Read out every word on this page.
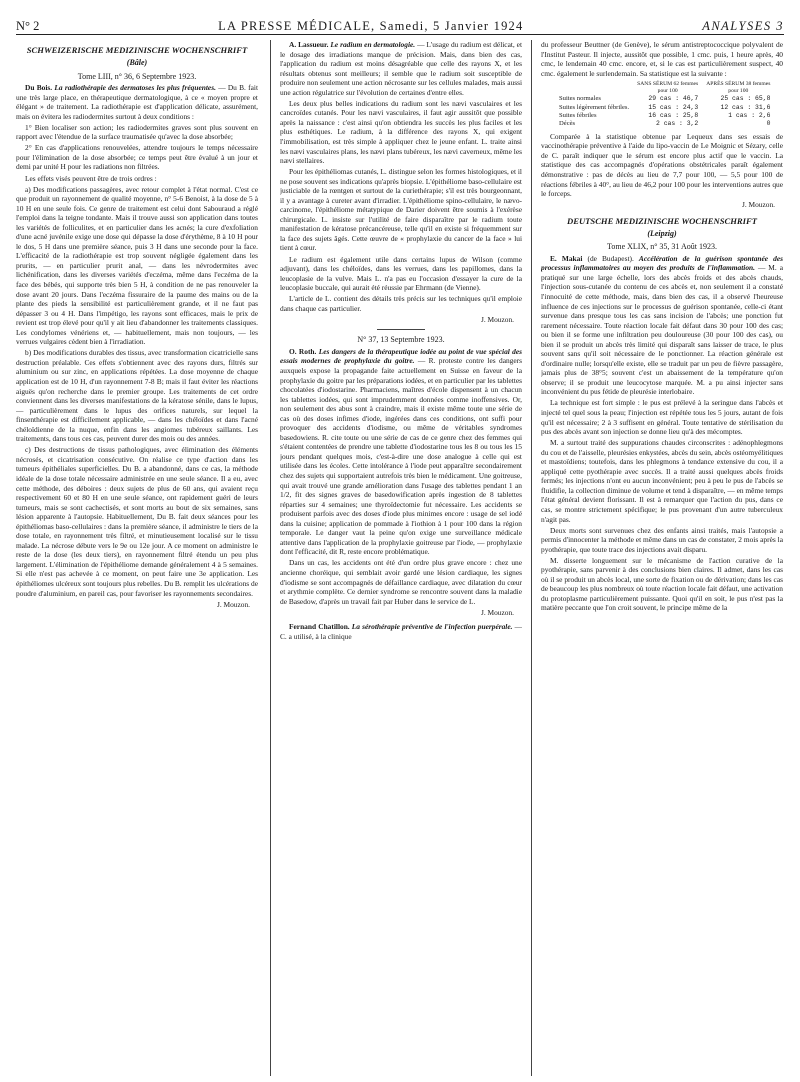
N° 2	LA PRESSE MÉDICALE, Samedi, 5 Janvier 1924	ANALYSES 3
SCHWEIZERISCHE MEDIZINISCHE WOCHENSCHRIFT
(Bâle)
Tome LIII, n° 36, 6 Septembre 1923.

Du Bois. La radiothérapie des dermatoses les plus fréquentes. — Du B. fait une très large place, en thérapeutique dermatologique, à ce « moyen propre et élégant » de traitement. La radiothérapie est d'application délicate, assurément, mais on évitera les radiodermites surtout à deux conditions :

1° Bien localiser son action; les radiodermites graves sont plus souvent en rapport avec l'étendue de la surface traumatisée qu'avec la dose absorbée;

2° En cas d'applications renouvelées, attendre toujours le temps nécessaire pour l'élimination de la dose absorbée; ce temps peut être évalué à un jour et demi par unité H pour les radiations non filtrées.

Les effets visés peuvent être de trois ordres :

a) Des modifications passagères, avec retour complet à l'état normal. C'est ce que produit un rayonnement de qualité moyenne, n° 5-6 Benoist, à la dose de 5 à 10 H en une seule fois. Ce genre de traitement est celui dont Sabouraud a réglé l'emploi dans la teigne tondante. Mais il trouve aussi son application dans toutes les variétés de folliculites, et en particulier dans les acnés; la cure d'exfoliation d'une acné juvénile exige une dose qui dépasse la dose d'érythème, 8 à 10 H pour le dos, 5 H dans une première séance, puis 3 H dans une seconde pour la face. L'efficacité de la radiothérapie est trop souvent négligée également dans les prurits, — en particulier prurit anal, — dans les névrodermites avec lichénification, dans les diverses variétés d'eczéma, même dans l'eczéma de la face des bébés, qui supporte très bien 5 H, à condition de ne pas renouveler la dose avant 20 jours. Dans l'eczéma fissuraire de la paume des mains ou de la plante des pieds la sensibilité est particulièrement grande, et il ne faut pas dépasser 3 ou 4 H. Dans l'impétigo, les rayons sont efficaces, mais le prix de revient est trop élevé pour qu'il y ait lieu d'abandonner les traitements classiques. Les condylomes vénériens et, — habituellement, mais non toujours, — les verrues vulgaires cèdent bien à l'irradiation.

b) Des modifications durables des tissus, avec transformation cicatricielle sans destruction préalable. Ces effets s'obtiennent avec des rayons durs, filtrés sur aluminium ou sur zinc, en applications répétées. La dose moyenne de chaque application est de 10 H, d'un rayonnement 7-8 B; mais il faut éviter les réactions aiguës qu'on recherche dans le premier groupe. Les traitements de cet ordre conviennent dans les diverses manifestations de la kératose sénile, dans le lupus, — particulièrement dans le lupus des orifices naturels, sur lequel la finsenthérapie est difficilement applicable, — dans les chéloïdes et dans l'acné chéloïdienne de la nuque, enfin dans les angiomes tubéreux saillants. Les traitements, dans tous ces cas, peuvent durer des mois ou des années.

c) Des destructions de tissus pathologiques, avec élimination des éléments nécrosés, et cicatrisation consécutive. On réalise ce type d'action dans les tumeurs épithéliales superficielles. Du B. a abandonné, dans ce cas, la méthode idéale de la dose totale nécessaire administrée en une seule séance. Il a eu, avec cette méthode, des déboires : deux sujets de plus de 60 ans, qui avaient reçu respectivement 60 et 80 H en une seule séance, ont rapidement guéri de leurs tumeurs, mais se sont cachectisés, et sont morts au bout de six semaines, sans lésion apparente à l'autopsie. Habituellement, Du B. fait deux séances pour les épithéliomas baso-cellulaires : dans la première séance, il administre le tiers de la dose totale, en rayonnement très filtré, et minutieusement localisé sur le tissu malade. La nécrose débute vers le 9e ou 12e jour. A ce moment on administre le reste de la dose (les deux tiers), en rayonnement filtré étendu un peu plus largement. L'élimination de l'épithéliome demande généralement 4 à 5 semaines. Si elle n'est pas achevée à ce moment, on peut faire une 3e application. Les épithéliomes ulcéreux sont toujours plus rebelles. Du B. remplit les ulcérations de poudre d'aluminium, en pareil cas, pour favoriser les rayonnements secondaires.

J. Mouzon.

A. Lassueur. Le radium en dermatologie. — L'usage du radium est délicat, et le dosage des irradiations manque de précision. Mais, dans bien des cas, l'application du radium est moins désagréable que celle des rayons X, et les résultats obtenus sont meilleurs; il semble que le radium soit susceptible de produire non seulement une action nécrosante sur les cellules malades, mais aussi une action régulatrice sur l'évolution de certaines d'entre elles.

Les deux plus belles indications du radium sont les nævi vasculaires et les cancroïdes cutanés. Pour les nævi vasculaires, il faut agir aussitôt que possible après la naissance : c'est ainsi qu'on obtiendra les succès les plus faciles et les plus esthétiques. Le radium, à la différence des rayons X, qui exigent l'immobilisation, est très simple à appliquer chez le jeune enfant. L. traite ainsi les nævi vasculaires plans, les nævi plans tubéreux, les nævi caverneux, même les nævi stellaires.

Pour les épithéliomas cutanés, L. distingue selon les formes histologiques, et il ne pose souvent ses indications qu'après biopsie. L'épithéliome baso-cellulaire est justiciable de la rœntgen et surtout de la curiethérapie; s'il est très bourgeonnant, il y a avantage à cureter avant d'irradier. L'épithéliome spino-cellulaire, le nævo-carcinome, l'épithéliome métatypique de Darier doivent être soumis à l'exérèse chirurgicale. L. insiste sur l'utilité de faire disparaître par le radium toute manifestation de kératose précancéreuse, telle qu'il en existe si fréquemment sur la face des sujets âgés. Cette œuvre de « prophylaxie du cancer de la face » lui tient à cœur.

Le radium est également utile dans certains lupus de Wilson (comme adjuvant), dans les chéloïdes, dans les verrues, dans les papillomes, dans la leucoplasie de la vulve. Mais L. n'a pas eu l'occasion d'essayer la cure de la leucoplasie buccale, qui aurait été réussie par Ehrmann (de Vienne).

L'article de L. contient des détails très précis sur les techniques qu'il emploie dans chaque cas particulier.

J. Mouzon.
N° 37, 13 Septembre 1923.

O. Roth. Les dangers de la thérapeutique iodée au point de vue spécial des essais modernes de prophylaxie du goitre. — R. proteste contre les dangers auxquels expose la propagande faite actuellement en Suisse en faveur de la prophylaxie du goitre par les préparations iodées, et en particulier par les tablettes chocolatées d'iodostarine. Pharmaciens, maîtres d'école dispensent à un chacun les tablettes iodées, qui sont imprudemment données comme inoffensives. Or, non seulement des abus sont à craindre, mais il existe même toute une série de cas où des doses infimes d'iode, ingérées dans ces conditions, ont suffi pour provoquer des accidents d'iodisme, ou même de véritables syndromes basedowiens. R. cite toute ou une série de cas de ce genre chez des femmes qui s'étaient contentées de prendre une tablette d'iodostarine tous les 8 ou tous les 15 jours pendant quelques mois, c'est-à-dire une dose analogue à celle qui est utilisée dans les écoles. Cette intolérance à l'iode peut apparaître secondairement chez des sujets qui supportaient autrefois très bien le médicament. Une goitreuse, qui avait trouvé une grande amélioration dans l'usage des tablettes pendant 1 an 1/2, fit des signes graves de basedowification après ingestion de 8 tablettes réparties sur 4 semaines; une thyroïdectomie fut nécessaire. Les accidents se produisent parfois avec des doses d'iode plus minimes encore : usage de sel iodé dans la cuisine; application de pommade à l'iothion à 1 pour 100 dans la région temporale. Le danger vaut la peine qu'on exige une surveillance médicale attentive dans l'application de la prophylaxie goitreuse par l'iode, — prophylaxie dont l'efficacité, dit R, reste encore problématique.

Dans un cas, les accidents ont été d'un ordre plus grave encore : chez une ancienne choréique, qui semblait avoir gardé une lésion cardiaque, les signes d'iodisme se sont accompagnés de défaillance cardiaque, avec dilatation du cœur et arythmie complète. Ce dernier syndrome se rencontre souvent dans la maladie de Basedow, d'après un travail fait par Huber dans le service de L.

J. Mouzon.

Fernand Chatillon. La sérothérapie préventive de l'infection puerpérale. — C. a utilisé, à la clinique

du professeur Beuttner (de Genève), le sérum antistreptococcique polyvalent de l'Institut Pasteur. Il injecte, aussitôt que possible, 1 cmc. puis, 1 heure après, 40 cmc, le lendemain 40 cmc. encore, et, si le cas est particulièrement suspect, 40 cmc. également le surlendemain. Sa statistique est la suivante :

	SANS SÉRUM 62 femmes	APRÈS SÉRUM 38 femmes
	pour 100	pour 100
Suites normales	29 cas : 46,7	25 cas : 65,8
Suites légèrement fébriles.	15 cas : 24,3	12 cas : 31,6
Suites fébriles	16 cas : 25,8	1 cas : 2,6
Décès	2 cas : 3,2	0

Comparée à la statistique obtenue par Lequeux dans ses essais de vaccinothérapie préventive à l'aide du lipo-vaccin de Le Moignic et Sézary, celle de C. paraît indiquer que le sérum est encore plus actif que le vaccin. La statistique des cas accompagnés d'opérations obstétricales paraît également démonstrative : pas de décès au lieu de 7,7 pour 100, — 5,5 pour 100 de réactions fébriles à 40°, au lieu de 46,2 pour 100 pour les interventions autres que le forceps.

J. Mouzon.
DEUTSCHE MEDIZINISCHE WOCHENSCHRIFT
(Leipzig)
Tome XLIX, n° 35, 31 Août 1923.

E. Makai (de Budapest). Accélération de la guérison spontanée des processus inflammatoires au moyen des produits de l'inflammation. — M. a pratiqué sur une large échelle, lors des abcès froids et des abcès chauds, l'injection sous-cutanée du contenu de ces abcès et, non seulement il a constaté l'innocuité de cette méthode, mais, dans bien des cas, il a observé l'heureuse influence de ces injections sur le processus de guérison spontanée, celle-ci étant survenue dans presque tous les cas sans incision de l'abcès; une ponction fut rarement nécessaire. Toute réaction locale fait défaut dans 30 pour 100 des cas; ou bien il se forme une infiltration peu douloureuse (30 pour 100 des cas), ou bien il se produit un abcès très limité qui disparaît sans laisser de trace, le plus souvent sans qu'il soit nécessaire de le ponctionner. La réaction générale est d'ordinaire nulle; lorsqu'elle existe, elle se traduit par un peu de fièvre passagère, jamais plus de 38°5; souvent c'est un abaissement de la température qu'on observe; il se produit une leucocytose marquée. M. a pu ainsi injecter sans inconvénient du pus fétide de pleurésie interlobaire.

La technique est fort simple : le pus est prélevé à la seringue dans l'abcès et injecté tel quel sous la peau; l'injection est répétée tous les 5 jours, autant de fois qu'il est nécessaire; 2 à 3 suffisent en général. Toute tentative de stérilisation du pus des abcès avant son injection se donne lieu qu'à des mécomptes.

M. a surtout traité des suppurations chaudes circonscrites : adénophlegmons du cou et de l'aisselle, pleurésies enkystées, abcès du sein, abcès ostéomyélitiques et mastoïdiens; toutefois, dans les phlegmons à tendance extensive du cou, il a appliqué cette pyothérapie avec succès. Il a traité aussi quelques abcès froids fermés; les injections n'ont eu aucun inconvénient; peu à peu le pus de l'abcès se fluidifie, la collection diminue de volume et tend à disparaître, — en même temps l'état général devient florissant. Il est à remarquer que l'action du pus, dans ce cas, se montre strictement spécifique; le pus provenant d'un autre tuberculeux n'agit pas.

Deux morts sont survenues chez des enfants ainsi traités, mais l'autopsie a permis d'innocenter la méthode et même dans un cas de constater, 2 mois après la pyothérapie, que toute trace des injections avait disparu.

M. disserte longuement sur le mécanisme de l'action curative de la pyothérapie, sans parvenir à des conclusions bien claires. Il admet, dans les cas où il se produit un abcès local, une sorte de fixation ou de dérivation; dans les cas de beaucoup les plus nombreux où toute réaction locale fait défaut, une activation du protoplasme particulièrement puissante. Quoi qu'il en soit, le pus n'est pas la matière peccante que l'on croit souvent, le principe même de la
